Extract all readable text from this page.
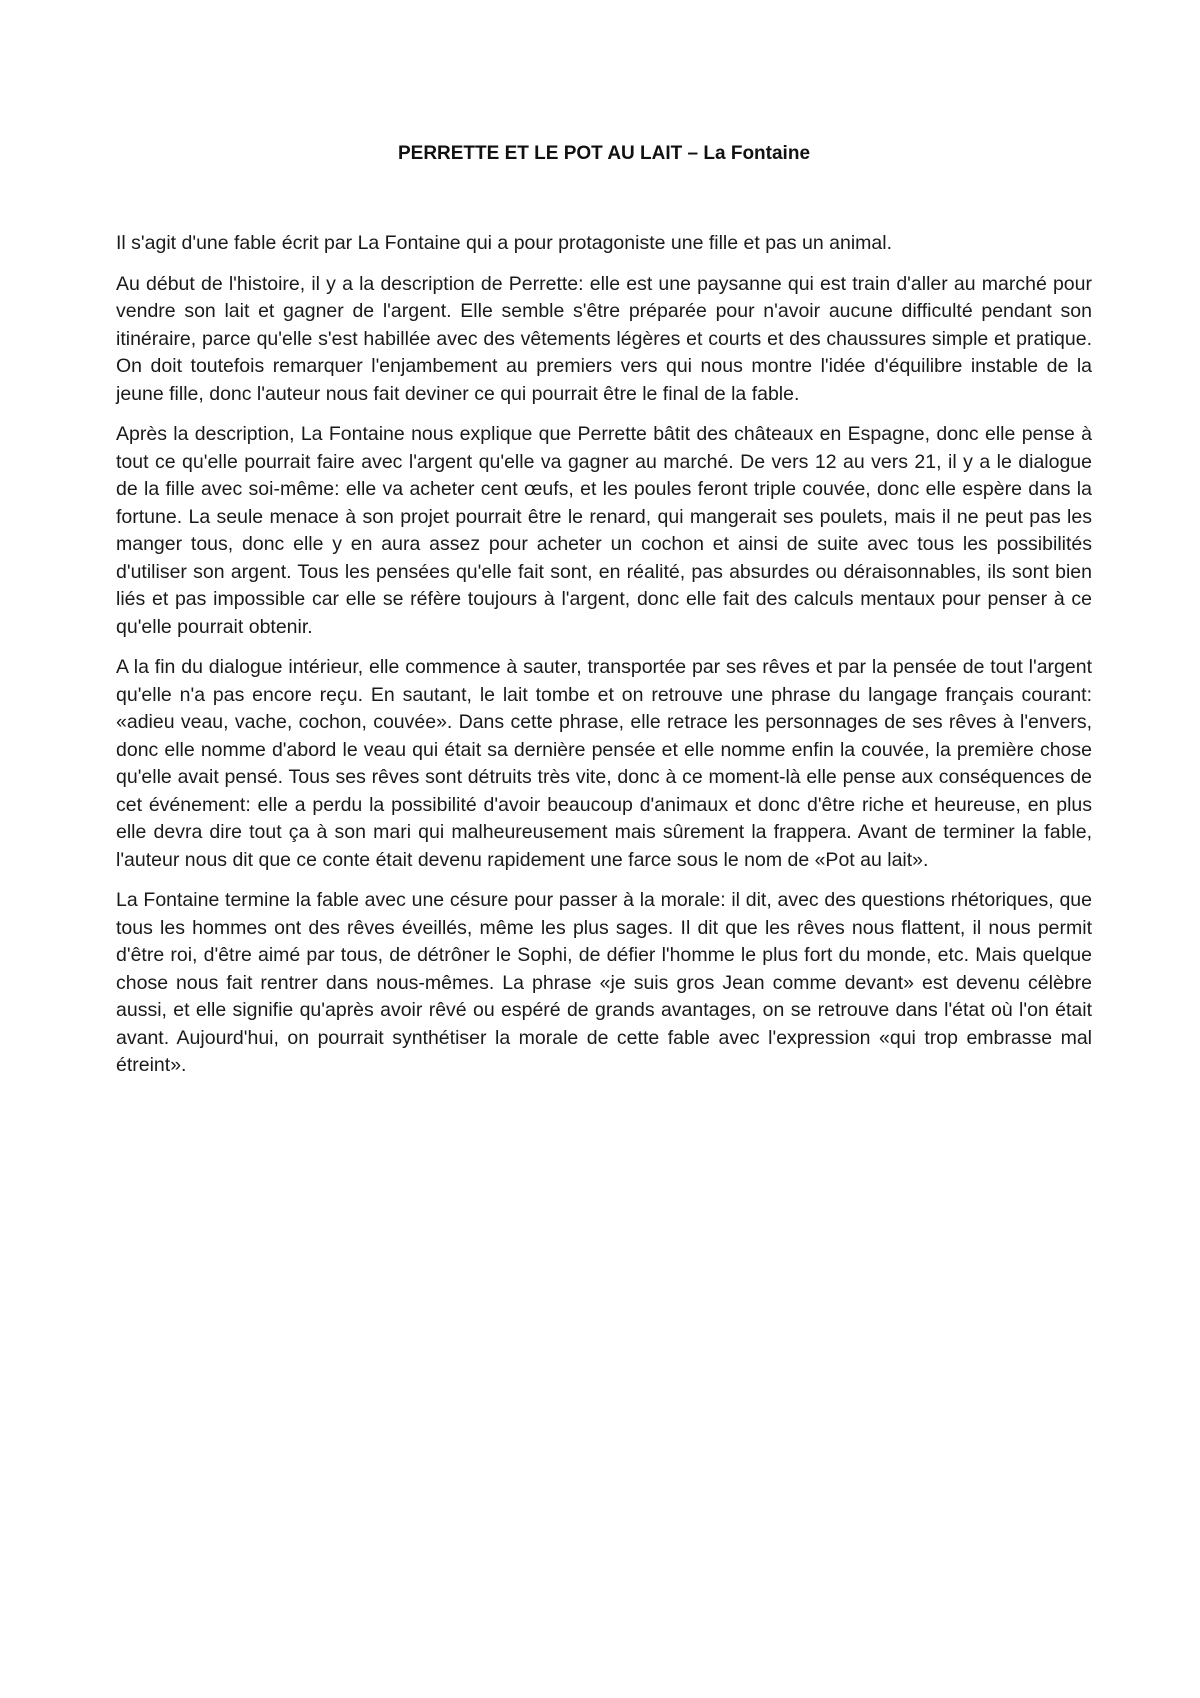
PERRETTE ET LE POT AU LAIT – La Fontaine

Il s'agit d'une fable écrit par La Fontaine qui a pour protagoniste une fille et pas un animal.

Au début de l'histoire, il y a la description de Perrette: elle est une paysanne qui est train d'aller au marché pour vendre son lait et gagner de l'argent. Elle semble s'être préparée pour n'avoir aucune difficulté pendant son itinéraire, parce qu'elle s'est habillée avec des vêtements légères et courts et des chaussures simple et pratique. On doit toutefois remarquer l'enjambement au premiers vers qui nous montre l'idée d'équilibre instable de la jeune fille, donc l'auteur nous fait deviner ce qui pourrait être le final de la fable.

Après la description, La Fontaine nous explique que Perrette bâtit des châteaux en Espagne, donc elle pense à tout ce qu'elle pourrait faire avec l'argent qu'elle va gagner au marché. De vers 12 au vers 21, il y a le dialogue de la fille avec soi-même: elle va acheter cent œufs, et les poules feront triple couvée, donc elle espère dans la fortune. La seule menace à son projet pourrait être le renard, qui mangerait ses poulets, mais il ne peut pas les manger tous, donc elle y en aura assez pour acheter un cochon et ainsi de suite avec tous les possibilités d'utiliser son argent. Tous les pensées qu'elle fait sont, en réalité, pas absurdes ou déraisonnables, ils sont bien liés et pas impossible car elle se réfère toujours à l'argent, donc elle fait des calculs mentaux pour penser à ce qu'elle pourrait obtenir.

A la fin du dialogue intérieur, elle commence à sauter, transportée par ses rêves et par la pensée de tout l'argent qu'elle n'a pas encore reçu. En sautant, le lait tombe et on retrouve une phrase du langage français courant: «adieu veau, vache, cochon, couvée». Dans cette phrase, elle retrace les personnages de ses rêves à l'envers, donc elle nomme d'abord le veau qui était sa dernière pensée et elle nomme enfin la couvée, la première chose qu'elle avait pensé. Tous ses rêves sont détruits très vite, donc à ce moment-là elle pense aux conséquences de cet événement: elle a perdu la possibilité d'avoir beaucoup d'animaux et donc d'être riche et heureuse, en plus elle devra dire tout ça à son mari qui malheureusement mais sûrement la frappera. Avant de terminer la fable, l'auteur nous dit que ce conte était devenu rapidement une farce sous le nom de «Pot au lait».

La Fontaine termine la fable avec une césure pour passer à la morale: il dit, avec des questions rhétoriques, que tous les hommes ont des rêves éveillés, même les plus sages. Il dit que les rêves nous flattent, il nous permit d'être roi, d'être aimé par tous, de détrôner le Sophi, de défier l'homme le plus fort du monde, etc. Mais quelque chose nous fait rentrer dans nous-mêmes. La phrase «je suis gros Jean comme devant» est devenu célèbre aussi, et elle signifie qu'après avoir rêvé ou espéré de grands avantages, on se retrouve dans l'état où l'on était avant. Aujourd'hui, on pourrait synthétiser la morale de cette fable avec l'expression «qui trop embrasse mal étreint».
